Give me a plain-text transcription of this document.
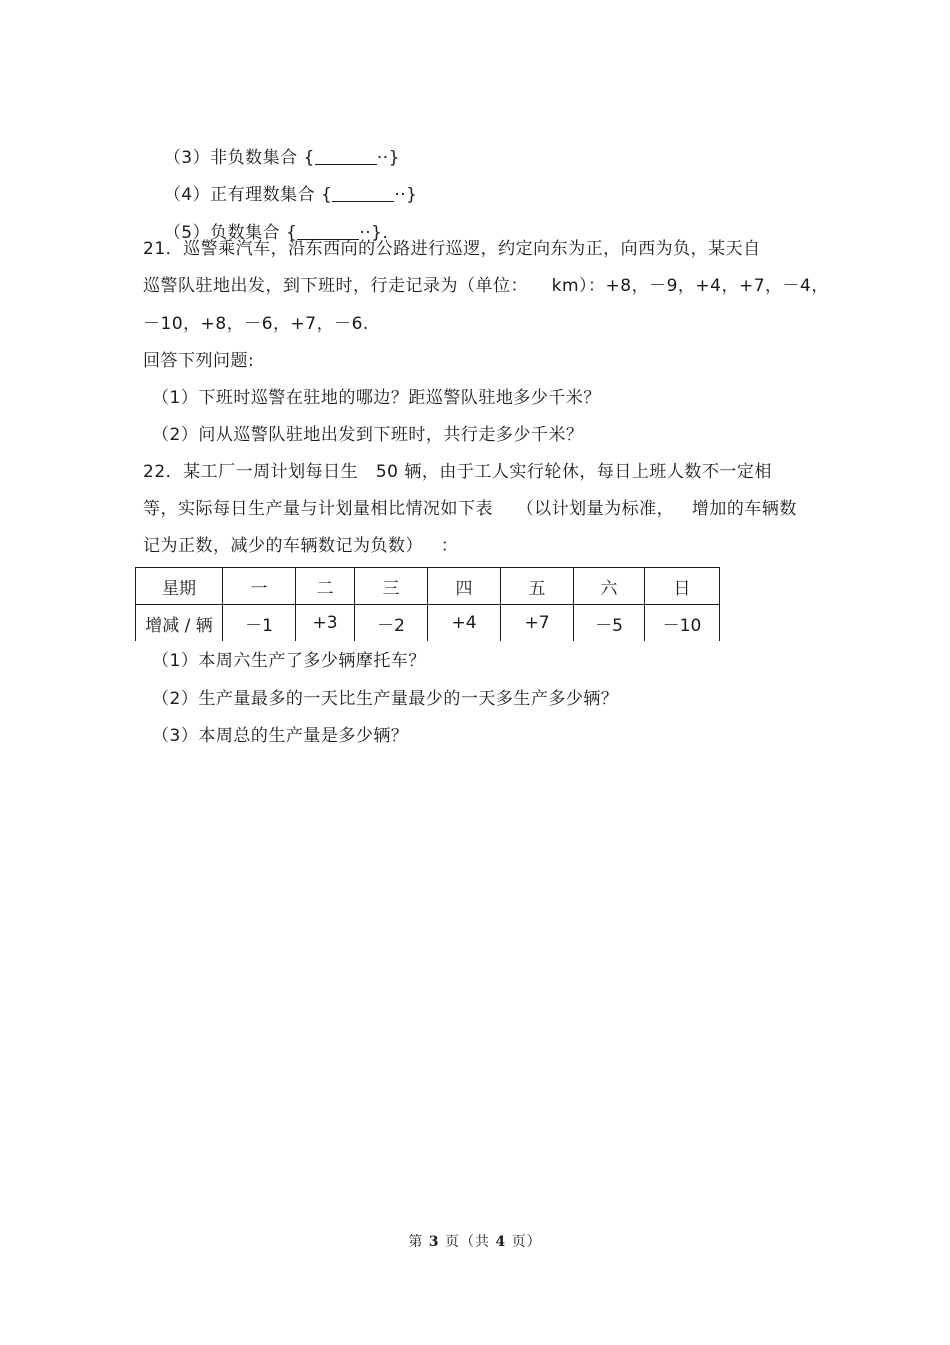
（3）非负数集合 {	··}

（4）正有理数集合 {	··}

（5）负数集合 {	··}.

21．巡警乘汽车，沿东西向的公路进行巡逻，约定向东为正，向西为负，某天自
巡警队驻地出发，到下班时，行走记录为（单位：    km）：+8，－9，+4，+7，－4，
－10，+8，－6，+7，－6.
回答下列问题:
（1）下班时巡警在驻地的哪边？距巡警队驻地多少千米？
（2）问从巡警队驻地出发到下班时，共行走多少千米？
22．某工厂一周计划每日生   50 辆，由于工人实行轮休，每日上班人数不一定相
等，实际每日生产量与计划量相比情况如下表    （以计划量为标准，   增加的车辆数
记为正数，减少的车辆数记为负数）   ：
星期	一	二	三	四	五	六	日
增减 / 辆	－1	+3	－2	+4	+7	－5	－10
（1）本周六生产了多少辆摩托车？
（2）生产量最多的一天比生产量最少的一天多生产多少辆？
（3）本周总的生产量是多少辆？
第 3 页（共 4 页）
